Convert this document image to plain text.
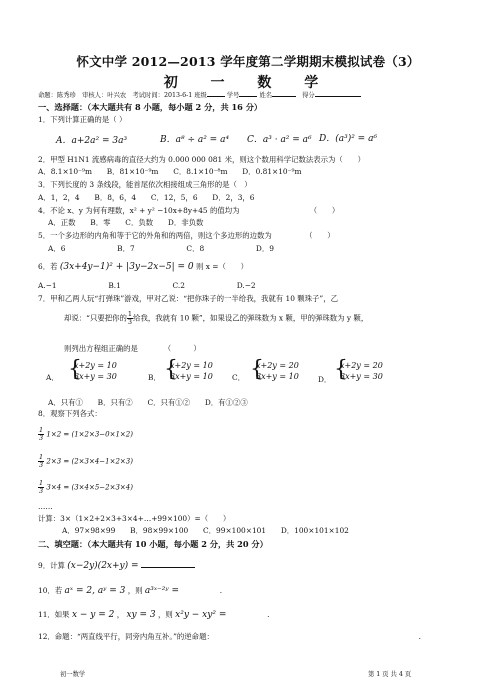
怀文中学 2012—2013 学年度第二学期期末模拟试卷（3）
初 一 数 学
命题：陈秀珍　审核人：叶兴农　考试时间：2013-6-1 班级	学号	姓名	得分
一、选择题：（本大题共有 8 小题，每小题 2 分，共 16 分）
1．下列计算正确的是（ ）
A．a+2a² = 3a³	B．a⁸ ÷ a² = a⁴ C．a³ · a² = a⁶ D．(a³)² = a⁶
2．甲型 H1N1 流感病毒的直径大约为 0.000 000 081 米，则这个数用科学记数法表示为（　　）
A．8.1×10⁻⁹m　　B．81×10⁻⁹m　　C．8.1×10⁻⁸m　　D．0.81×10⁻⁹m
3．下列长度的 3 条线段，能首尾依次相接组成三角形的是（　）
A．1，2，4　　B．8，6，4　　C．12，5，6　　D．2，3，6
4．不论 x、y 为何有理数，x² + y² −10x+8y+45 的值均为　　　　　　　　　　（　　）
A．正数　　B．零　　C．负数　　D．非负数
5．一个多边形的内角和等于它的外角和的两倍，则这个多边形的边数为　　　　　（　　）
A．6　　　　　　　B．7　　　　　　　C．8　　　　　　　D．9
6．若 (3x+4y−1)² + |3y−2x−5| = 0 则 x =（　　）
A.−1　　　　　　　B.1　　　　　　　C.2　　　　　　　D.−2
7．甲和乙两人玩“打弹珠”游戏，甲对乙说：“把你珠子的一半给我，我就有 10 颗珠子”，乙
却说：“只要把你的 $\frac{1}{3}$ 给我，我就有 10 颗”，如果设乙的弹珠数为 x 颗，甲的弹珠数为 y 颗，
则列出方程组正确的是　　　　（　　　）
A． {
x+2y = 10
3x+y = 30	B． {
x+2y = 10
3x+y = 10	C． {
x+2y = 20
3x+y = 10	D． {
x+2y = 20
3x+y = 30
A．只有①　　B．只有②　　C．只有①②　　D．有①②③
8．观察下列各式：
$\frac{1}{3} 1\times 2 = (1\times 2\times 3-0\times 1\times 2)$
$\frac{1}{3} 2\times 3 = (2\times 3\times 4-1\times 2\times 3)$
$\frac{1}{3} 3\times 4 = (3\times 4\times 5-2\times 3\times 4)$
……
计算：3×（1×2+2×3+3×4+…+99×100）=（　　）
A．97×98×99　　B．98×99×100　　C．99×100×101　　D．100×101×102
二、填空题：（本大题共有 10 小题，每小题 2 分，共 20 分）
9．计算 (x−2y)(2x+y) =
10．若 aˣ = 2, aʸ = 3 ，则 a³ˣ⁻²ʸ =	.
11．如果 x − y = 2 ， xy = 3 ，则 x²y − xy² =	.
12．命题：“两直线平行，同旁内角互补。”的逆命题：	.
初一数学	第 1 页 共 4 页
